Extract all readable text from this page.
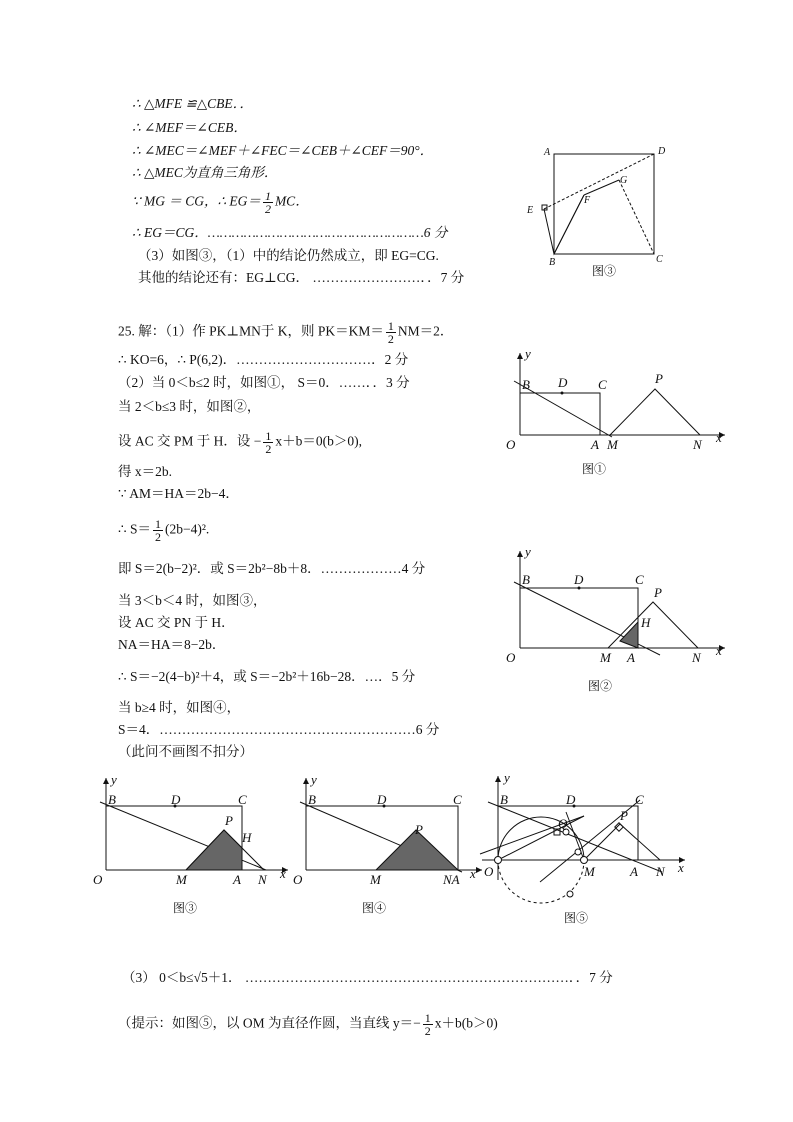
∴ △MFE ≌△CBE．．
∴ ∠MEF＝∠CEB．
∴ ∠MEC＝∠MEF＋∠FEC＝∠CEB＋∠CEF＝90°．
∴ △MEC为直角三角形．
∵ MG ＝ CG，∴ $EG= \frac{1}{2}$ MC．
∴ EG＝CG．………………………………………………6 分
（3）如图③，（1）中的结论仍然成立，即 EG=CG.
其他的结论还有：EG⊥CG． ……………………．．7 分
A	D
G
F
E
B	C
图③
25. 解：（1）作 PK⊥MN于 K，则 $PK=KM= \frac{1}{2} NM=2$．
∴ KO=6，∴ P(6,2)．…………………………．2 分
（2）当 0＜b≤2 时，如图①， S＝0．……．．3 分
当 2＜b≤3 时，如图②，
设 AC 交 PM 于 H．设 − $\frac{1}{2} x+b=0(b>0)$,
得 x＝2b.
∵ AM＝HA＝2b−4．
∴ $S= \frac{1}{2} (2b-4)^2$.
即 S＝2(b−2)²．或 S＝2b²−8b＋8．………………4 分
当 3＜b＜4 时，如图③，
设 AC 交 PN 于 H．
NA＝HA＝8−2b．
∴ S＝−2(4−b)²＋4，或 S＝−2b²＋16b−28．…．5 分
当 b≥4 时，如图④，
S＝4．…………………………………………………6 分
（此问不画图不扣分）
y
B D C	P
O	A M	N x
图①
y
B	D	C
P
H
O	M A	N x
图②
y
B	D	C
P
H
O	M	A N x
图③
y
B	D	C
P
O	M	NA x
图④
y
B	D	C
Q
P
O	M	A N x
图⑤
（3） 0＜b≤√5＋1． ………………………………………………………………．．7 分
（提示：如图⑤，以 OM 为直径作圆，当直线 $y=- \frac{1}{2} x+b(b>0)$
